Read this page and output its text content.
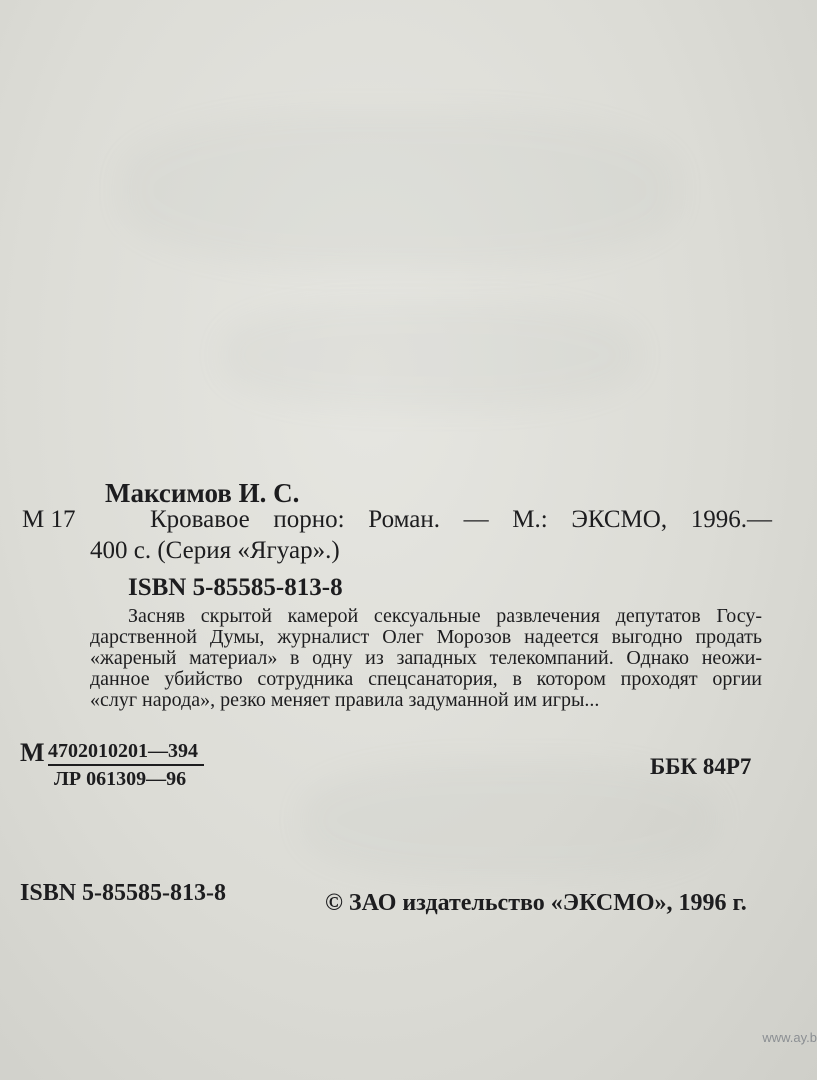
Максимов И. С.
М 17	Кровавое порно: Роман. — М.: ЭКСМО, 1996.—
400 с. (Серия «Ягуар».)
ISBN 5-85585-813-8
Засняв скрытой камерой сексуальные развлечения депутатов Госу-
дарственной Думы, журналист Олег Морозов надеется выгодно продать
«жареный материал» в одну из западных телекомпаний. Однако неожи-
данное убийство сотрудника спецсанатория, в котором проходят оргии
«слуг народа», резко меняет правила задуманной им игры...
М 4702010201—394
ЛР 061309—96	ББК 84Р7
ISBN 5-85585-813-8	© ЗАО издательство «ЭКСМО», 1996 г.
www.ay.b
